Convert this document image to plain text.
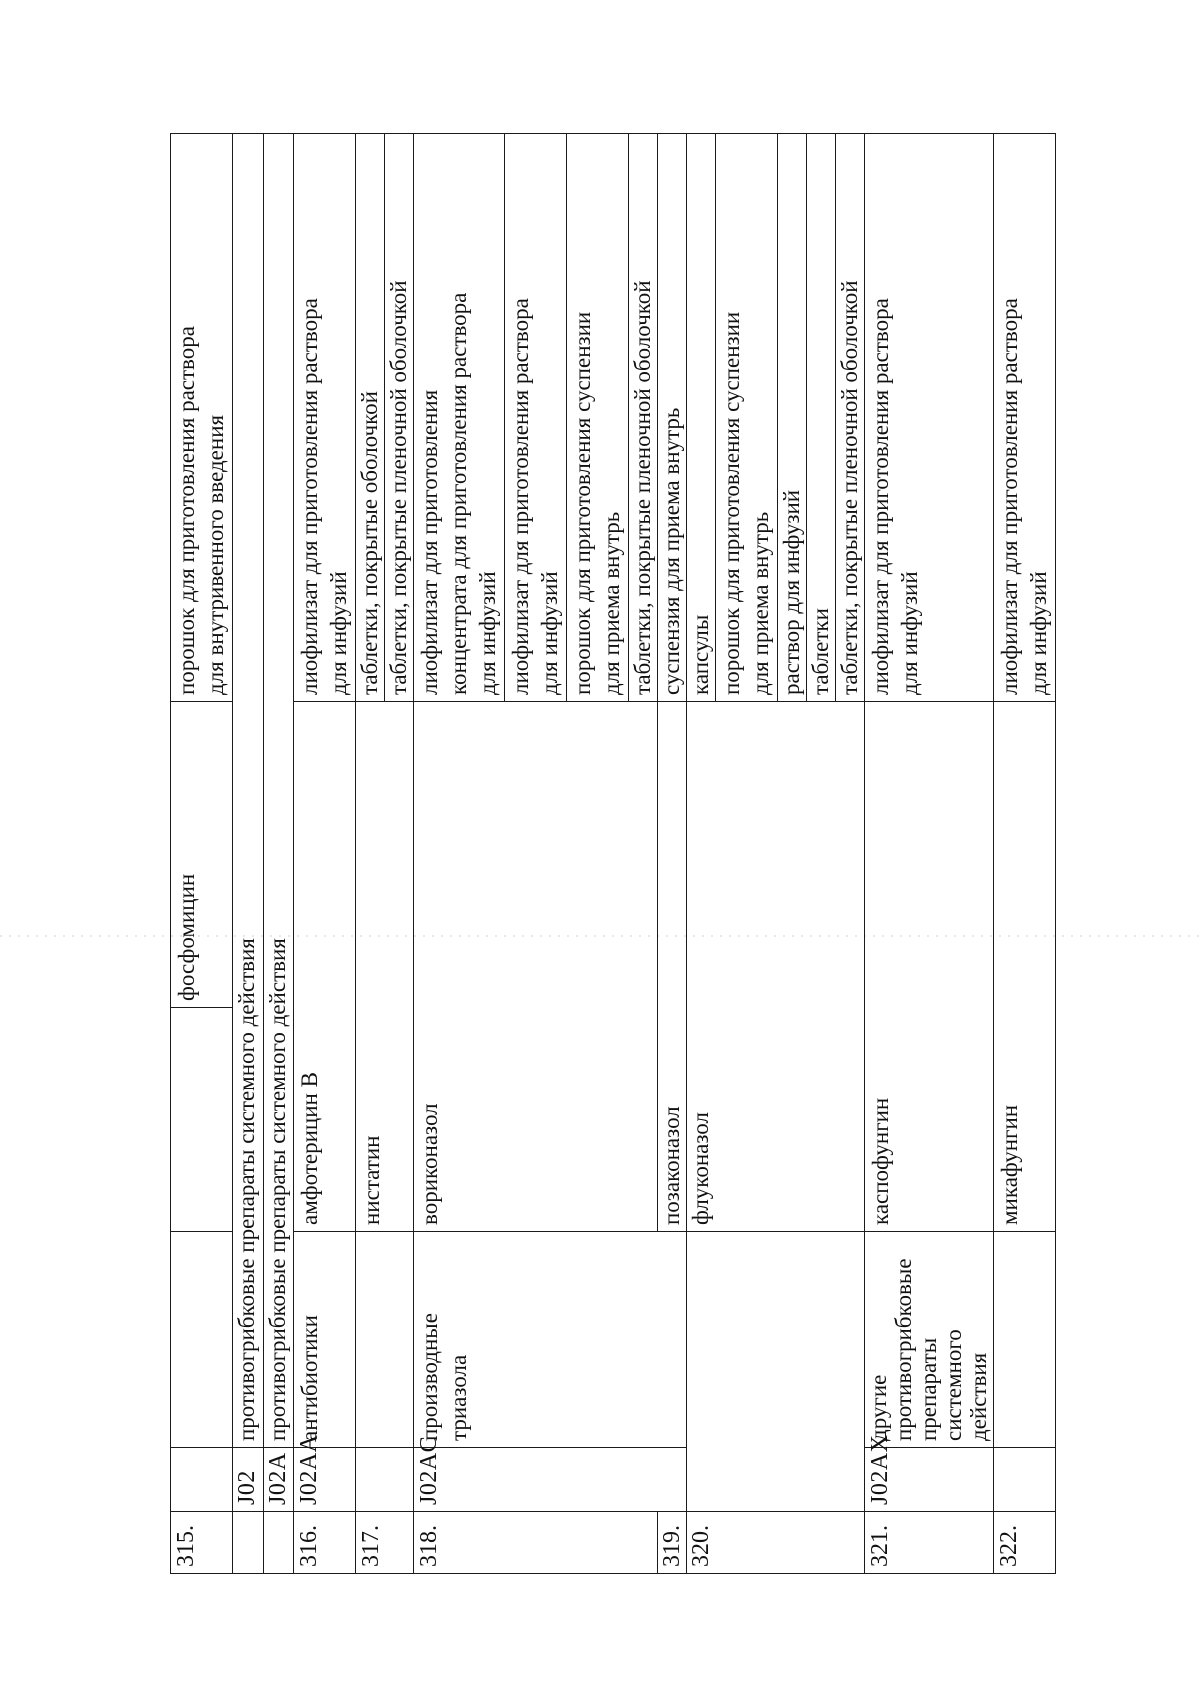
315.				фосфомицин	порошок для приготовления раствора
для внутривенного введения
	J02	противогрибковые препараты системного действия			
	J02A	противогрибковые препараты системного действия			
316.	J02AA	антибиотики	амфотерицин В		лиофилизат для приготовления раствора
для инфузий
317.			нистатин		таблетки, покрытые оболочкой
					таблетки, покрытые пленочной оболочкой
318.	J02AC	производные триазола	вориконазол		лиофилизат для приготовления
концентрата для приготовления раствора
для инфузий
					лиофилизат для приготовления раствора
для инфузий
					порошок для приготовления суспензии
для приема внутрь
					таблетки, покрытые пленочной оболочкой
319.			позаконазол		суспензия для приема внутрь
320.			флуконазол		капсулы
					порошок для приготовления суспензии
для приема внутрь
					раствор для инфузий
					таблетки
					таблетки, покрытые пленочной оболочкой
321.	J02AX	другие противогрибковые
препараты системного
действия	каспофунгин		лиофилизат для приготовления раствора
для инфузий
322.			микафунгин		лиофилизат для приготовления раствора
для инфузий
